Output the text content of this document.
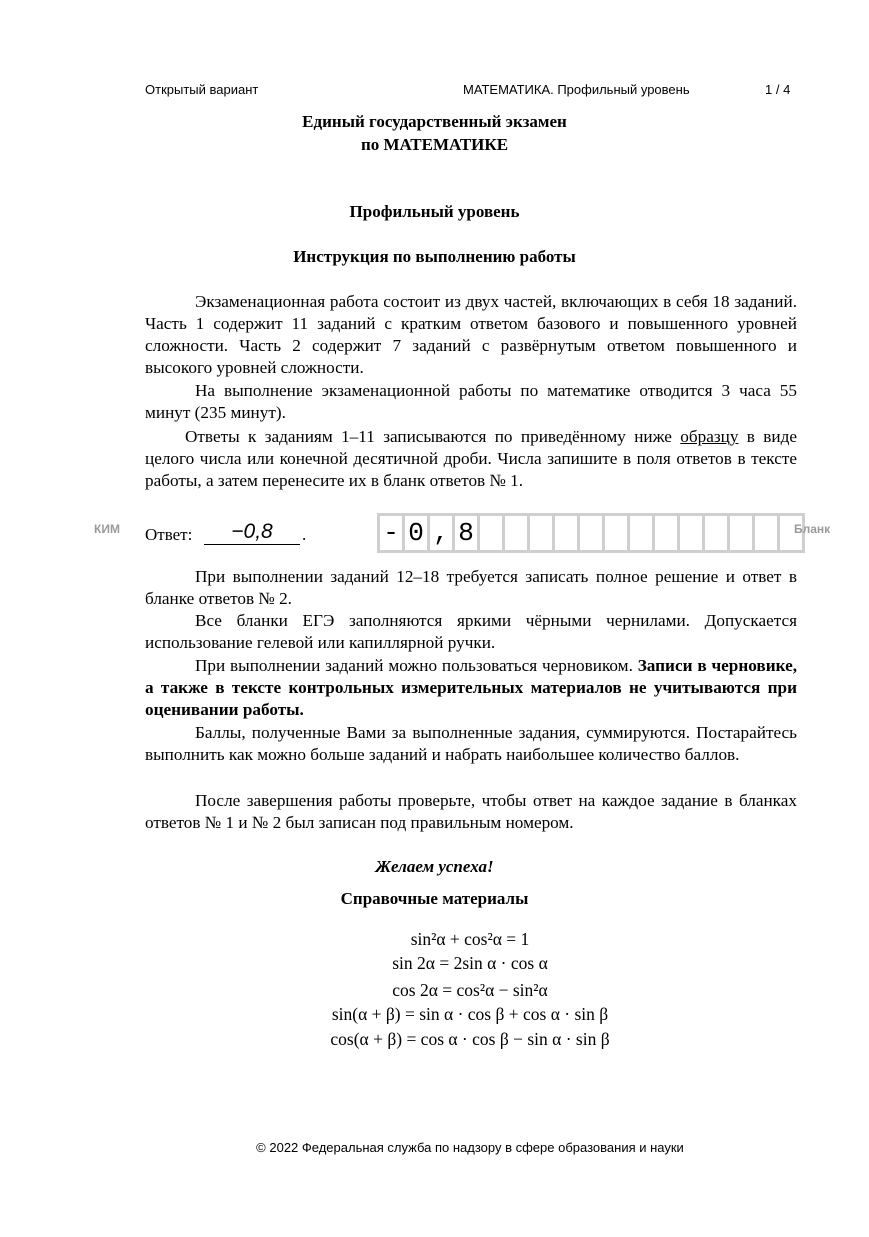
Открытый вариант	МАТЕМАТИКА. Профильный уровень	1 / 4
Единый государственный экзамен
по МАТЕМАТИКЕ
Профильный уровень
Инструкция по выполнению работы

Экзаменационная работа состоит из двух частей, включающих в себя 18 заданий. Часть 1 содержит 11 заданий с кратким ответом базового и повышенного уровней сложности. Часть 2 содержит 7 заданий с развёрнутым ответом повышенного и высокого уровней сложности.

На выполнение экзаменационной работы по математике отводится 3 часа 55 минут (235 минут).

Ответы к заданиям 1–11 записываются по приведённому ниже образцу в виде целого числа или конечной десятичной дроби. Числа запишите в поля ответов в тексте работы, а затем перенесите их в бланк ответов № 1.

КИМ Ответ:	−0,8	.	- 0 , 8	Бланк

При выполнении заданий 12–18 требуется записать полное решение и ответ в бланке ответов № 2.

Все бланки ЕГЭ заполняются яркими чёрными чернилами. Допускается использование гелевой или капиллярной ручки.

При выполнении заданий можно пользоваться черновиком. Записи в черновике, а также в тексте контрольных измерительных материалов не учитываются при оценивании работы.

Баллы, полученные Вами за выполненные задания, суммируются. Постарайтесь выполнить как можно больше заданий и набрать наибольшее количество баллов.

После завершения работы проверьте, чтобы ответ на каждое задание в бланках ответов № 1 и № 2 был записан под правильным номером.

Желаем успеха!
Справочные материалы
sin²α + cos²α = 1
sin 2α = 2sin α · cos α
cos 2α = cos²α − sin²α
sin(α + β) = sin α · cos β + cos α · sin β
cos(α + β) = cos α · cos β − sin α · sin β
© 2022 Федеральная служба по надзору в сфере образования и науки
